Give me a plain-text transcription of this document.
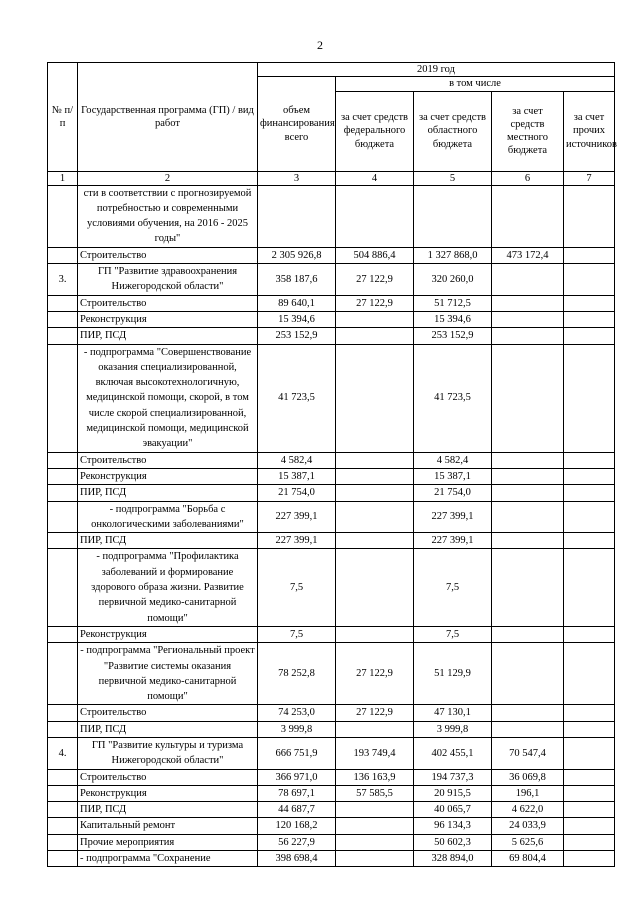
2
№ п/п	Государственная программа (ГП) / вид работ	2019 год				
		объем финансирования всего	в том числе			
			за счет средств федерального бюджета	за счет средств областного бюджета	за счет средств местного бюджета	за счет прочих источников
1	2	3	4	5	6	7
	сти в соответствии с прогнозируемой потребностью и современными условиями обучения, на 2016 - 2025 годы"					
	Строительство	2 305 926,8	504 886,4	1 327 868,0	473 172,4	
3.	ГП "Развитие здравоохранения Нижегородской области"	358 187,6	27 122,9	320 260,0		
	Строительство	89 640,1	27 122,9	51 712,5		
	Реконструкция	15 394,6		15 394,6		
	ПИР, ПСД	253 152,9		253 152,9		
	- подпрограмма "Совершенствование оказания специализированной, включая высокотехнологичную, медицинской помощи, скорой, в том числе скорой специализированной, медицинской помощи, медицинской эвакуации"	41 723,5		41 723,5		
	Строительство	4 582,4		4 582,4		
	Реконструкция	15 387,1		15 387,1		
	ПИР, ПСД	21 754,0		21 754,0		
	- подпрограмма "Борьба с онкологическими заболеваниями"	227 399,1		227 399,1		
	ПИР, ПСД	227 399,1		227 399,1		
	- подпрограмма "Профилактика заболеваний и формирование здорового образа жизни. Развитие первичной медико-санитарной помощи"	7,5		7,5		
	Реконструкция	7,5		7,5		
	- подпрограмма "Региональный проект "Развитие системы оказания первичной медико-санитарной помощи"	78 252,8	27 122,9	51 129,9		
	Строительство	74 253,0	27 122,9	47 130,1		
	ПИР, ПСД	3 999,8		3 999,8		
4.	ГП "Развитие культуры и туризма Нижегородской области"	666 751,9	193 749,4	402 455,1	70 547,4	
	Строительство	366 971,0	136 163,9	194 737,3	36 069,8	
	Реконструкция	78 697,1	57 585,5	20 915,5	196,1	
	ПИР, ПСД	44 687,7		40 065,7	4 622,0	
	Капитальный ремонт	120 168,2		96 134,3	24 033,9	
	Прочие мероприятия	56 227,9		50 602,3	5 625,6	
	- подпрограмма "Сохранение	398 698,4		328 894,0	69 804,4	
